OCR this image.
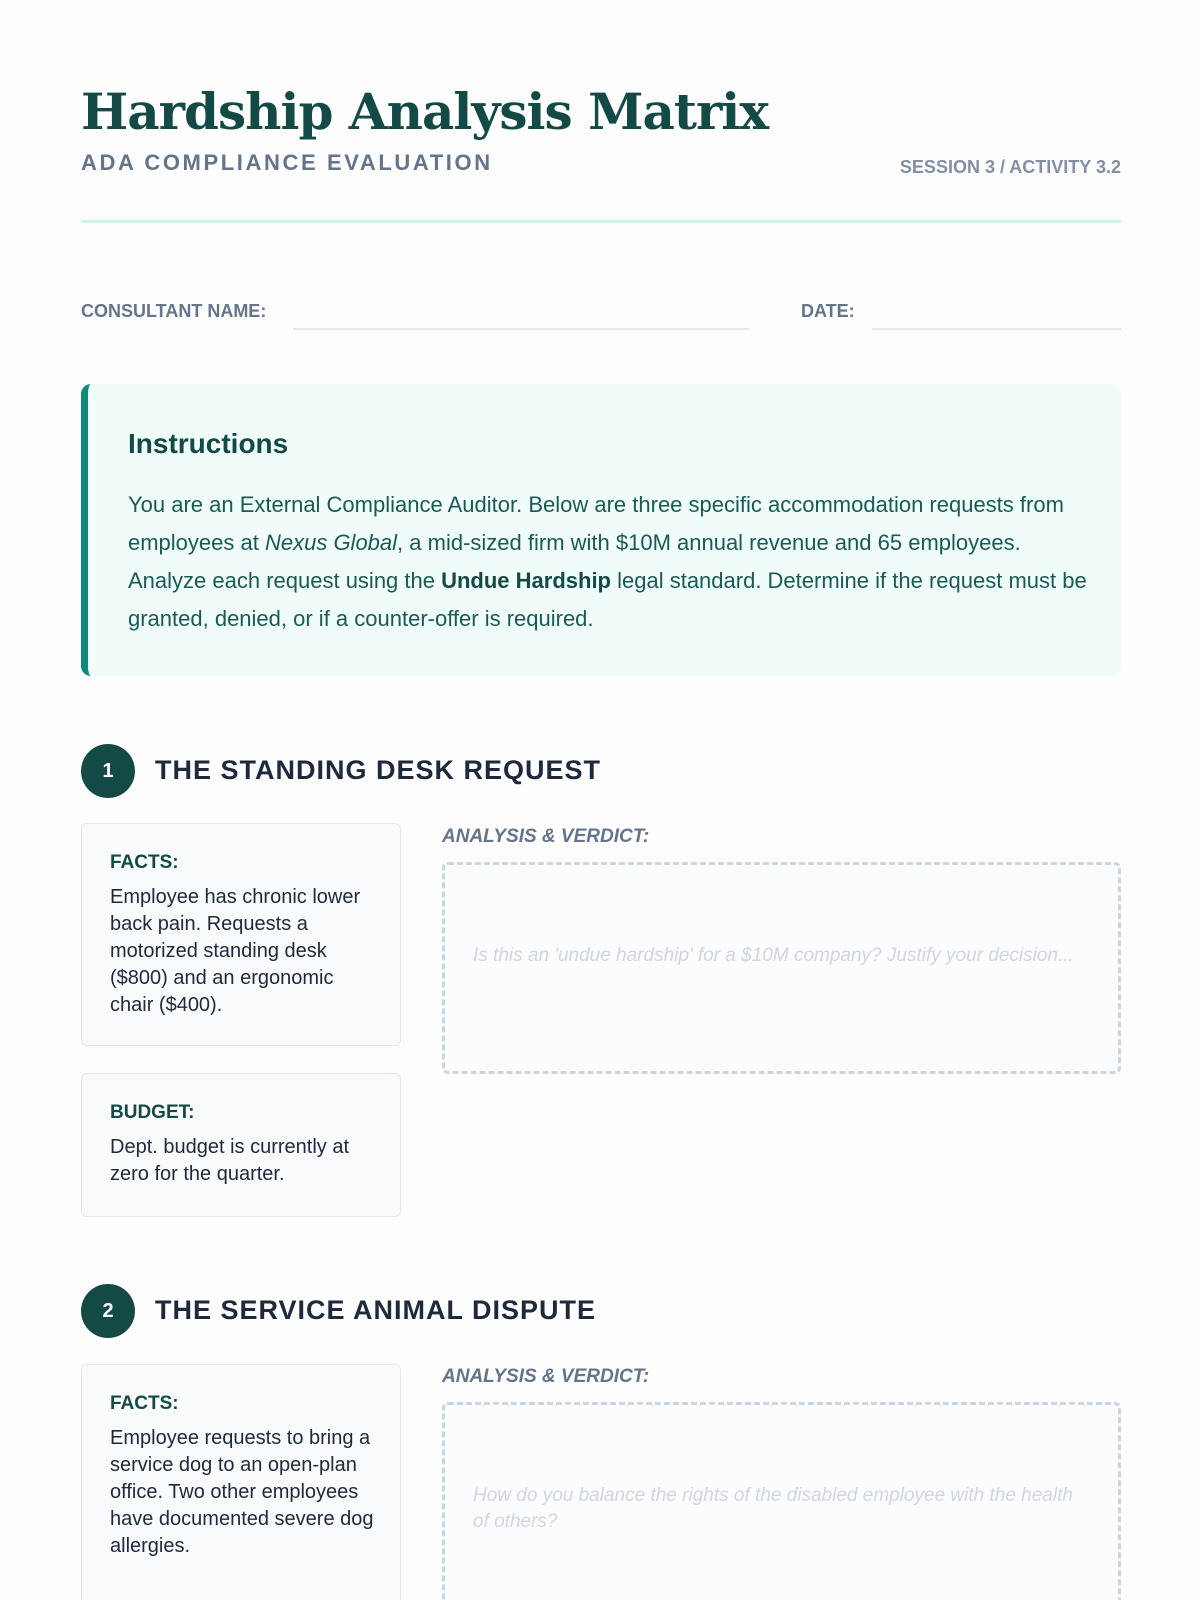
Hardship Analysis Matrix
ADA COMPLIANCE EVALUATION	SESSION 3 / ACTIVITY 3.2
CONSULTANT NAME:	DATE:
Instructions

You are an External Compliance Auditor. Below are three specific accommodation requests from employees at Nexus Global, a mid-sized firm with $10M annual revenue and 65 employees. Analyze each request using the Undue Hardship legal standard. Determine if the request must be granted, denied, or if a counter-offer is required.

1	THE STANDING DESK REQUEST
FACTS:

Employee has chronic lower back pain. Requests a motorized standing desk ($800) and an ergonomic chair ($400).

BUDGET:

Dept. budget is currently at zero for the quarter.

ANALYSIS & VERDICT:
Is this an 'undue hardship' for a $10M company? Justify your decision...
2	THE SERVICE ANIMAL DISPUTE
FACTS:

Employee requests to bring a service dog to an open-plan office. Two other employees have documented severe dog allergies.

ANALYSIS & VERDICT:
How do you balance the rights of the disabled employee with the health of others?
